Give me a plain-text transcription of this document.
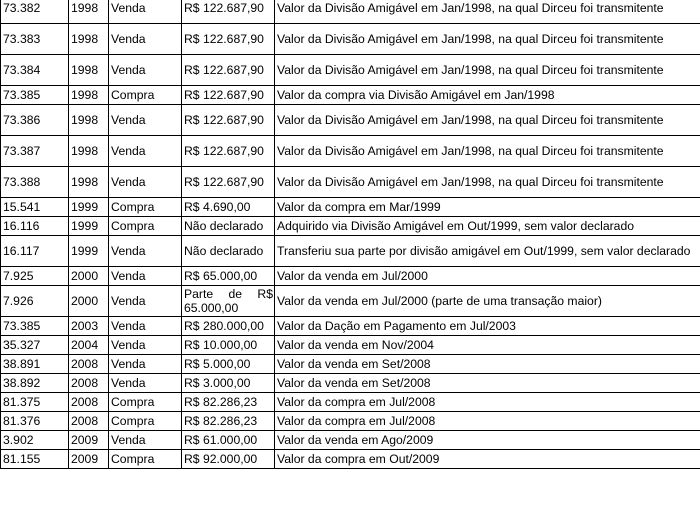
73.382	1998	Venda	R$ 122.687,90	Valor da Divisão Amigável em Jan/1998, na qual Dirceu foi transmitente
73.383	1998	Venda	R$ 122.687,90	Valor da Divisão Amigável em Jan/1998, na qual Dirceu foi transmitente
73.384	1998	Venda	R$ 122.687,90	Valor da Divisão Amigável em Jan/1998, na qual Dirceu foi transmitente
73.385	1998	Compra	R$ 122.687,90	Valor da compra via Divisão Amigável em Jan/1998
73.386	1998	Venda	R$ 122.687,90	Valor da Divisão Amigável em Jan/1998, na qual Dirceu foi transmitente
73.387	1998	Venda	R$ 122.687,90	Valor da Divisão Amigável em Jan/1998, na qual Dirceu foi transmitente
73.388	1998	Venda	R$ 122.687,90	Valor da Divisão Amigável em Jan/1998, na qual Dirceu foi transmitente
15.541	1999	Compra	R$ 4.690,00	Valor da compra em Mar/1999
16.116	1999	Compra	Não declarado	Adquirido via Divisão Amigável em Out/1999, sem valor declarado
16.117	1999	Venda	Não declarado	Transferiu sua parte por divisão amigável em Out/1999, sem valor declarado
7.925	2000	Venda	R$ 65.000,00	Valor da venda em Jul/2000
7.926	2000	Venda	Parte de R$ 65.000,00	Valor da venda em Jul/2000 (parte de uma transação maior)
73.385	2003	Venda	R$ 280.000,00	Valor da Dação em Pagamento em Jul/2003
35.327	2004	Venda	R$ 10.000,00	Valor da venda em Nov/2004
38.891	2008	Venda	R$ 5.000,00	Valor da venda em Set/2008
38.892	2008	Venda	R$ 3.000,00	Valor da venda em Set/2008
81.375	2008	Compra	R$ 82.286,23	Valor da compra em Jul/2008
81.376	2008	Compra	R$ 82.286,23	Valor da compra em Jul/2008
3.902	2009	Venda	R$ 61.000,00	Valor da venda em Ago/2009
81.155	2009	Compra	R$ 92.000,00	Valor da compra em Out/2009
